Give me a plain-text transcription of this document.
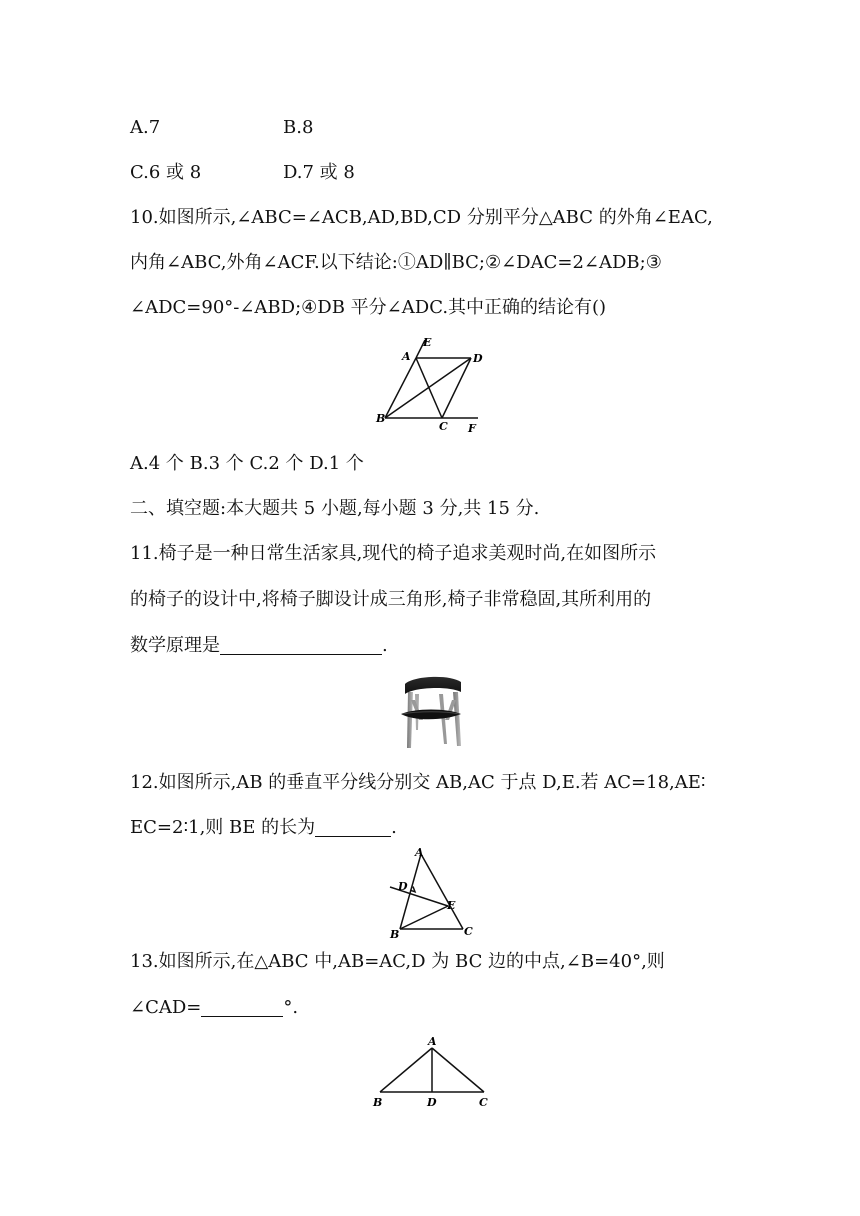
A.7	B.8
C.6 或 8	D.7 或 8
10.如图所示,∠ABC=∠ACB,AD,BD,CD 分别平分△ABC 的外角∠EAC,
内角∠ABC,外角∠ACF.以下结论:①AD∥BC;②∠DAC=2∠ADB;③
∠ADC=90°-∠ABD;④DB 平分∠ADC.其中正确的结论有()
A
E
D
B
C F
A.4 个 B.3 个 C.2 个 D.1 个
二、填空题:本大题共 5 小题,每小题 3 分,共 15 分.
11.椅子是一种日常生活家具,现代的椅子追求美观时尚,在如图所示
的椅子的设计中,将椅子脚设计成三角形,椅子非常稳固,其所利用的
数学原理是	.
12.如图所示,AB 的垂直平分线分别交 AB,AC 于点 D,E.若 AC=18,AE∶
EC=2∶1,则 BE 的长为	.
A
D
E
B	C
13.如图所示,在△ABC 中,AB=AC,D 为 BC 边的中点,∠B=40°,则
∠CAD=	°.
A
B	D	C
